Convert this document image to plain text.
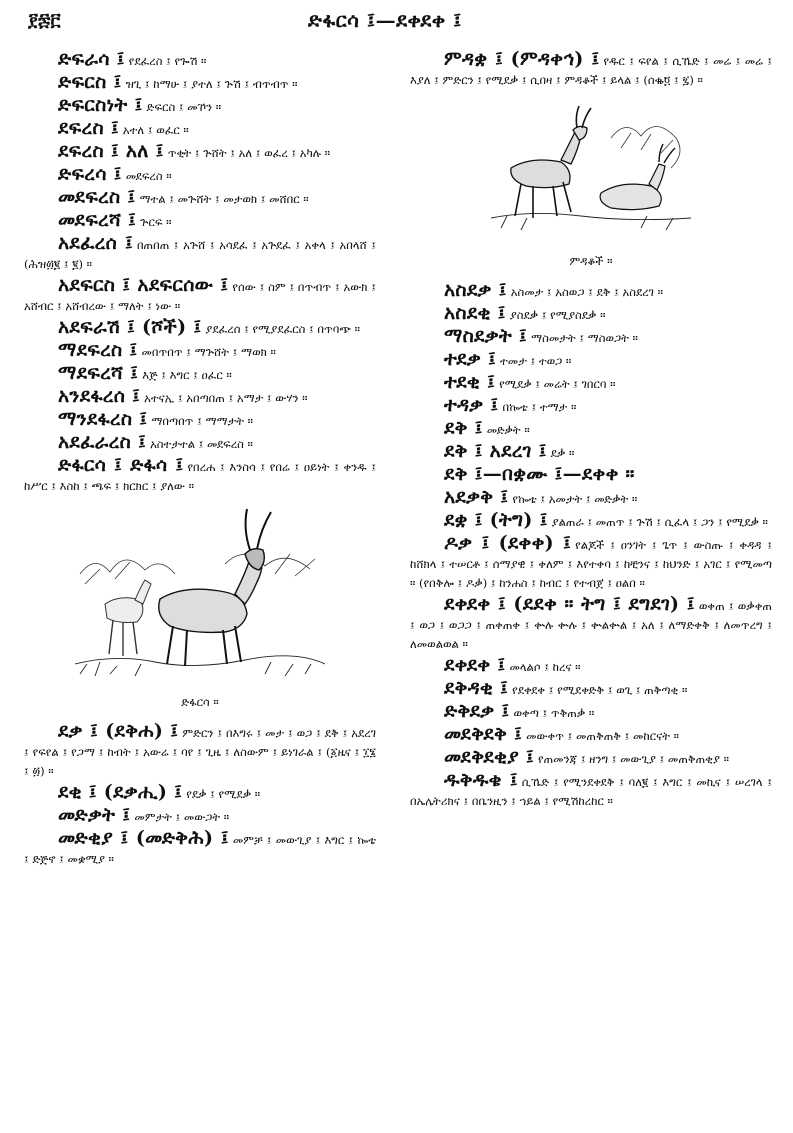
፻፷፫	ድፋርሳ ፤—ደቀደቀ ፤

ድፍራሳ ፤ የደፈረስ ፤ የጐሽ ።

ድፍርስ ፤ ዝጊ ፤ ከማሁ ፤ ያተለ ፤ ጕሽ ፤ ብጥብጥ ።

ድፍርስነት ፤ ድፍርስ ፤ መኾን ።

ደፍረስ ፤ አተለ ፤ ወፈር ።

ደፍረስ ፤ አለ ፤ ጥቂት ፤ ጕሸት ፤ አለ ፤ ወፈረ ፤ አካሉ ።

ድፍረሳ ፤ መደፍረስ ።

መደፍረስ ፤ ማተል ፤ መጕሸት ፤ መታወክ ፤ መሸበር ።

መደፍረሻ ፤ ጕርፍ ።

አደፈረሰ ፤ በጠበጠ ፤ አጕሸ ፤ አሳደፈ ፤ አጕደፈ ፤ አቀላ ፤ አበላሸ ፤ (ሕዝ፴፪ ፤ ፪) ።

አደፍርስ ፤ አደፍርሰው ፤ የሰው ፤ ስም ፤ በጥብጥ ፤ አውክ ፤ አሸብር ፤ አሸብረው ፤ ማለት ፤ ነው ።

አደፍራሽ ፤ (ሾች) ፤ ያደፈረሰ ፤ የሚያደፈርስ ፤ በጥባጭ ።

ማደፍረስ ፤ መበጥበጥ ፤ ማጕሸት ፤ ማወክ ።

ማደፍረሻ ፤ እጅ ፤ እግር ፤ ዐፈር ።

አንደፋረሰ ፤ አተናኢ ፤ አበጣበጠ ፤ አማታ ፤ ውሃን ።

ማንደፋረስ ፤ ማበጣበጥ ፤ ማማታት ።

አደፈራረስ ፤ አስተታተል ፤ መደፍረስ ።

ድፋርሳ ፤ ድፋሳ ፤ የበረሐ ፤ እንስሳ ፤ የበሬ ፤ ዐይነት ፤ ቀንዱ ፤ ከሥር ፤ እስከ ፤ ጫፍ ፤ ክርክር ፤ ያለው ።

ድፋርሳ ።

ደቃ ፤ (ደቅሐ) ፤ ምድርን ፤ በእግሩ ፤ መታ ፤ ወጋ ፤ ደቅ ፤ አደረገ ፤ የፍየል ፤ የጋማ ፤ ከብት ፤ አውሬ ፤ ባየ ፤ ጊዜ ፤ ለስውም ፤ ይነገራል ፤ (፩ዜና ፤ ፲፮ ፤ ፴) ።

ደቂ ፤ (ደቃሒ) ፤ የደቃ ፤ የሚደቃ ።

መድቃት ፤ መምታት ፤ መውጋት ።

መድቂያ ፤ (መድቅሕ) ፤ መምቻ ፤ መውጊያ ፤ እግር ፤ ኰቴ ፤ ድጅኖ ፤ መቋሚያ ።

ምዳቋ ፤ (ምዳቀኅ) ፤ የዱር ፤ ፍየል ፤ ሲኼድ ፤ መሬ ፤ መሬ ፤ እያለ ፤ ምድርን ፤ የሚደቃ ፤ ሲበዛ ፤ ምዳቆች ፤ ይላል ፤ (ሰቈ፬ ፤ ፯) ።

ምዳቆች ።

አስደቃ ፤ አስመታ ፤ አስወጋ ፤ ደቅ ፤ አስደረገ ።

አስደቂ ፤ ያስደቃ ፤ የሚያስደቃ ።

ማስደቃት ፤ ማስመታት ፤ ማስወጋት ።

ተደቃ ፤ ተመታ ፤ ተወጋ ።

ተደቂ ፤ የሚደቃ ፤ መሬት ፤ ገበርባ ።

ተዳቃ ፤ በኰቴ ፤ ተማታ ።

ደቅ ፤ መድቃት ።

ደቅ ፤ አደረገ ፤ ደቃ ።

ደቅ ፤—በቋሙ ፤—ደቀቀ ።

አደቃቅ ፤ የኰቴ ፤ አመታት ፤ መድቃት ።

ደቋ ፤ (ትግ) ፤ ያልጠራ ፤ መጠጥ ፤ ጕሽ ፤ ሲፈላ ፤ ጋን ፤ የሚደቃ ።

ዶቃ ፤ (ደቀቀ) ፤ የልጆች ፤ ዐንገት ፤ ጌጥ ፤ ውስጡ ፤ ቀዳዳ ፤ ከሸክላ ፤ ተሠርቶ ፤ ሰማያዊ ፤ ቀለም ፤ እየተቀባ ፤ ከቺንና ፤ ከህንድ ፤ አገር ፤ የሚመጣ ። (የበቅሎ ፤ ዶቃ) ፤ ከንሐስ ፤ ከብር ፤ የተብጀ ፤ ዐልበ ።

ደቀደቀ ፤ (ደደቀ ። ትግ ፤ ደግደገ) ፤ ወቀጠ ፤ ወቃቀጠ ፤ ወጋ ፤ ወጋጋ ፤ ጠቀጠቀ ፤ ቍሉ ቍሉ ፤ ቍልቍል ፤ አለ ፤ ለማድቀቅ ፤ ለመጥረግ ፤ ለመወልወል ።

ደቀደቀ ፤ መላልሶ ፤ ከረና ።

ደቅዳቂ ፤ የደቀደቀ ፤ የሚደቀድቅ ፤ ወጊ ፤ ጠቅጣቂ ።

ድቅደቃ ፤ ወቀጣ ፤ ጥቅጠቃ ።

መደቅደቅ ፤ መውቀጥ ፤ መጠቅጠቅ ፤ መከርናት ።

መደቅደቂያ ፤ የጠመንጃ ፤ ዘንግ ፤ መውጊያ ፤ መጠቅጠቂያ ።

ዱቅዱቄ ፤ ሲኼድ ፤ የሚንደቀደቅ ፤ ባለ፪ ፤ እግር ፤ መኪና ፤ ሠረገላ ፤ በኤሌትሪክና ፤ በቤንዚን ፤ ኀይል ፤ የሚሽከረከር ።
